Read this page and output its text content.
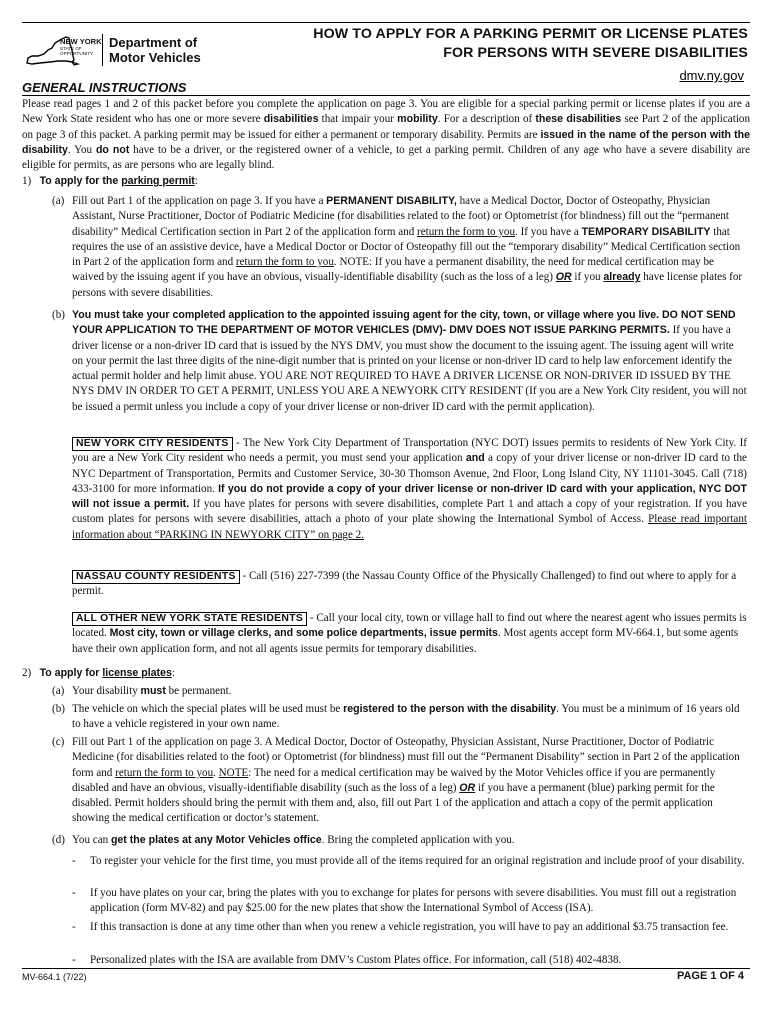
NEW YORK
STATE OF
OPPORTUNITY.
Department of
Motor Vehicles
HOW TO APPLY FOR A PARKING PERMIT OR LICENSE PLATES
FOR PERSONS WITH SEVERE DISABILITIES
dmv.ny.gov
GENERAL INSTRUCTIONS
Please read pages 1 and 2 of this packet before you complete the application on page 3. You are eligible for a special parking permit or license plates if you are a New York State resident who has one or more severe disabilities that impair your mobility. For a description of these disabilities see Part 2 of the application on page 3 of this packet. A parking permit may be issued for either a permanent or temporary disability. Permits are issued in the name of the person with the disability. You do not have to be a driver, or the registered owner of a vehicle, to get a parking permit. Children of any age who have a severe disability are eligible for permits, as are persons who are legally blind.
1) To apply for the parking permit:
(a) Fill out Part 1 of the application on page 3. If you have a PERMANENT DISABILITY, have a Medical Doctor, Doctor of Osteopathy, Physician Assistant, Nurse Practitioner, Doctor of Podiatric Medicine (for disabilities related to the foot) or Optometrist (for blindness) fill out the “permanent disability” Medical Certification section in Part 2 of the application form and return the form to you. If you have a TEMPORARY DISABILITY that requires the use of an assistive device, have a Medical Doctor or Doctor of Osteopathy fill out the “temporary disability” Medical Certification section in Part 2 of the application form and return the form to you. NOTE: If you have a permanent disability, the need for medical certification may be waived by the issuing agent if you have an obvious, visually-identifiable disability (such as the loss of a leg) OR if you already have license plates for persons with severe disabilities.
(b) You must take your completed application to the appointed issuing agent for the city, town, or village where you live. DO NOT SEND YOUR APPLICATION TO THE DEPARTMENT OF MOTOR VEHICLES (DMV)- DMV DOES NOT ISSUE PARKING PERMITS. If you have a driver license or a non-driver ID card that is issued by the NYS DMV, you must show the document to the issuing agent. The issuing agent will write on your permit the last three digits of the nine-digit number that is printed on your license or non-driver ID card to help law enforcement identify the actual permit holder and help limit abuse. YOU ARE NOT REQUIRED TO HAVE A DRIVER LICENSE OR NON-DRIVER ID ISSUED BY THE NYS DMV IN ORDER TO GET A PERMIT, UNLESS YOU ARE A NEWYORK CITY RESIDENT (If you are a New York City resident, you will not be issued a permit unless you include a copy of your driver license or non-driver ID card with the permit application).
NEW YORK CITY RESIDENTS - The New York City Department of Transportation (NYC DOT) issues permits to residents of New York City. If you are a New York City resident who needs a permit, you must send your application and a copy of your driver license or non-driver ID card to the NYC Department of Transportation, Permits and Customer Service, 30-30 Thomson Avenue, 2nd Floor, Long Island City, NY 11101-3045. Call (718) 433-3100 for more information. If you do not provide a copy of your driver license or non-driver ID card with your application, NYC DOT will not issue a permit. If you have plates for persons with severe disabilities, complete Part 1 and attach a copy of your registration. If you have custom plates for persons with severe disabilities, attach a photo of your plate showing the International Symbol of Access. Please read important information about “PARKING IN NEWYORK CITY” on page 2.
NASSAU COUNTY RESIDENTS - Call (516) 227-7399 (the Nassau County Office of the Physically Challenged) to find out where to apply for a permit.
ALL OTHER NEW YORK STATE RESIDENTS - Call your local city, town or village hall to find out where the nearest agent who issues permits is located. Most city, town or village clerks, and some police departments, issue permits. Most agents accept form MV-664.1, but some agents have their own application form, and not all agents issue permits for temporary disabilities.
2) To apply for license plates:
(a) Your disability must be permanent.
(b) The vehicle on which the special plates will be used must be registered to the person with the disability. You must be a minimum of 16 years old to have a vehicle registered in your own name.
(c) Fill out Part 1 of the application on page 3. A Medical Doctor, Doctor of Osteopathy, Physician Assistant, Nurse Practitioner, Doctor of Podiatric Medicine (for disabilities related to the foot) or Optometrist (for blindness) must fill out the “Permanent Disability” section in Part 2 of the application form and return the form to you. NOTE: The need for a medical certification may be waived by the Motor Vehicles office if you are permanently disabled and have an obvious, visually-identifiable disability (such as the loss of a leg) OR if you have a permanent (blue) parking permit for the disabled. Permit holders should bring the permit with them and, also, fill out Part 1 of the application and attach a copy of the permit application showing the medical certification or doctor’s statement.
(d) You can get the plates at any Motor Vehicles office. Bring the completed application with you.
- To register your vehicle for the first time, you must provide all of the items required for an original registration and include proof of your disability.
- If you have plates on your car, bring the plates with you to exchange for plates for persons with severe disabilities. You must fill out a registration application (form MV-82) and pay $25.00 for the new plates that show the International Symbol of Access (ISA).
- If this transaction is done at any time other than when you renew a vehicle registration, you will have to pay an additional $3.75 transaction fee.
- Personalized plates with the ISA are available from DMV’s Custom Plates office. For information, call (518) 402-4838.
MV-664.1 (7/22)	PAGE 1 OF 4
